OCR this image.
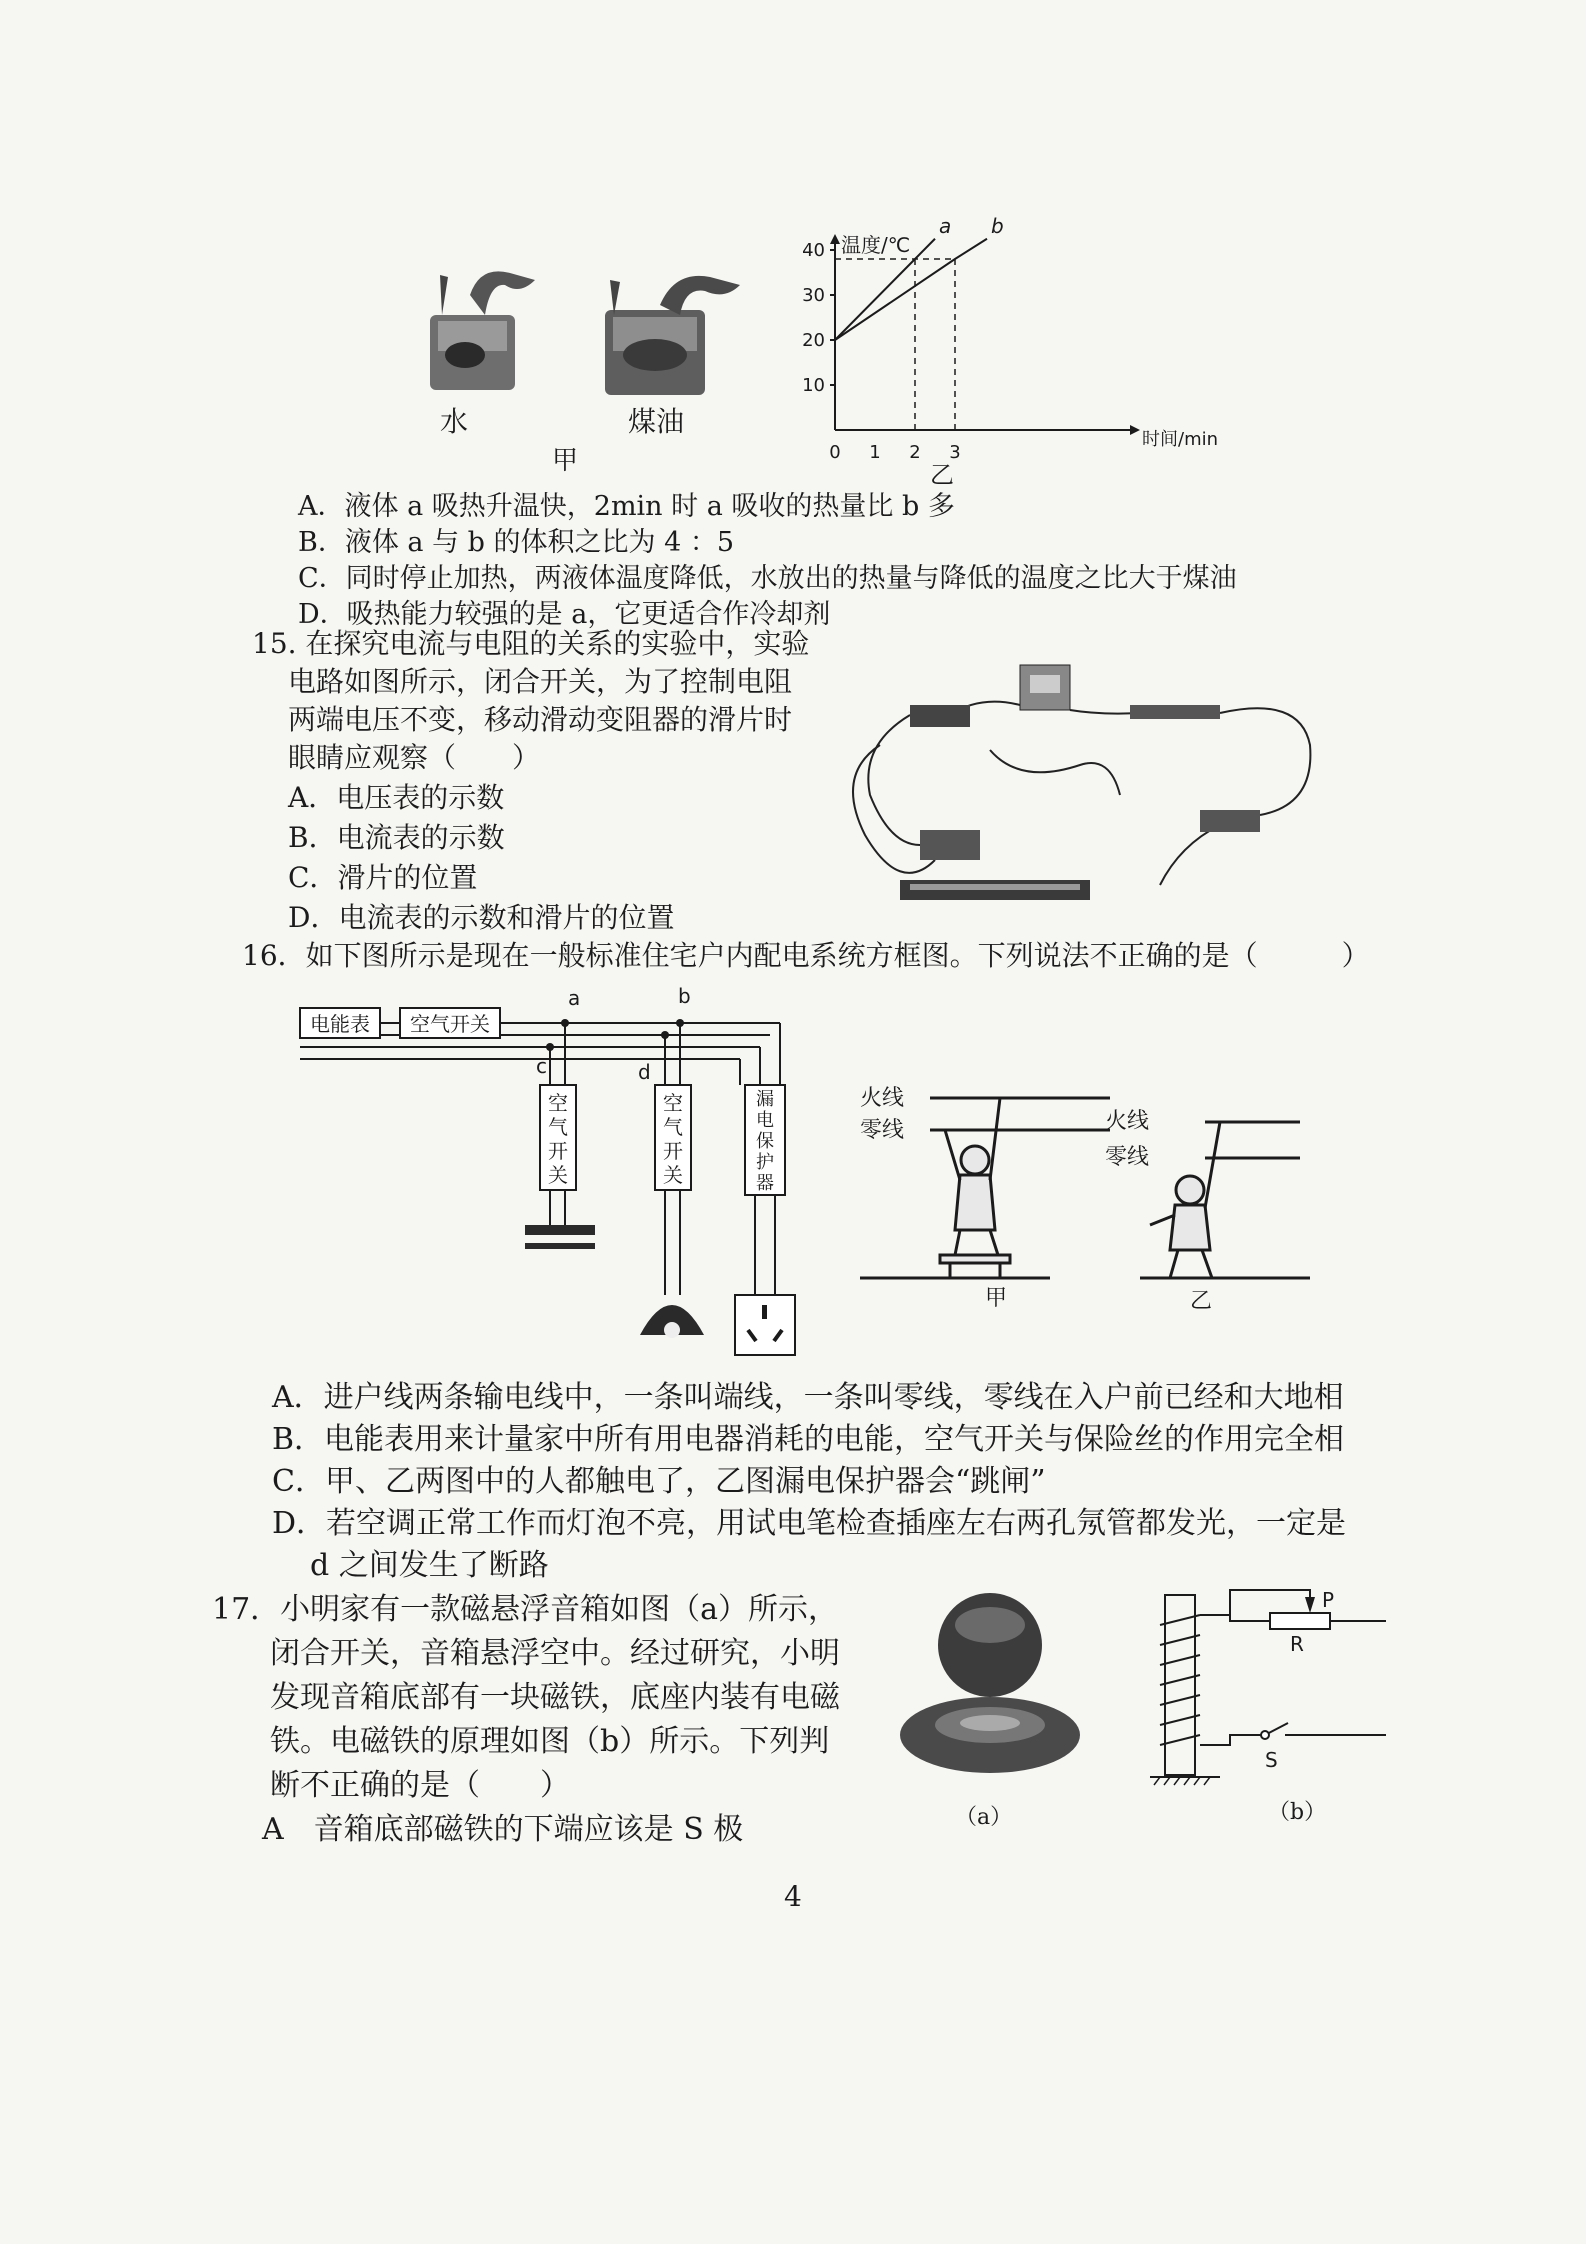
水	煤油
甲
温度/℃
时间/min
10
20
30
40
0 1 2 3
a b
乙
A．液体 a 吸热升温快，2min 时 a 吸收的热量比 b 多
B．液体 a 与 b 的体积之比为 4 ：5
C．同时停止加热，两液体温度降低，水放出的热量与降低的温度之比大于煤油
D．吸热能力较强的是 a，它更适合作冷却剂
15. 在探究电流与电阻的关系的实验中，实验
电路如图所示，闭合开关，为了控制电阻
两端电压不变，移动滑动变阻器的滑片时
眼睛应观察（　　）
A．电压表的示数
B．电流表的示数
C．滑片的位置
D．电流表的示数和滑片的位置
16．如下图所示是现在一般标准住宅户内配电系统方框图。下列说法不正确的是（　　　）
电能表 空气开关
a	b
c	d
空气开关
空气开关
漏电保护器
火线
零线	火线
零线
甲	乙
A．进户线两条输电线中，一条叫端线，一条叫零线，零线在入户前已经和大地相
B．电能表用来计量家中所有用电器消耗的电能，空气开关与保险丝的作用完全相
C．甲、乙两图中的人都触电了，乙图漏电保护器会“跳闸”
D．若空调正常工作而灯泡不亮，用试电笔检查插座左右两孔氖管都发光，一定是
d 之间发生了断路
17．小明家有一款磁悬浮音箱如图（a）所示，
闭合开关，音箱悬浮空中。经过研究，小明
发现音箱底部有一块磁铁，底座内装有电磁
铁。电磁铁的原理如图（b）所示。下列判
断不正确的是（　　）
A　音箱底部磁铁的下端应该是 S 极	（a）
P
R
S
（b）
4
